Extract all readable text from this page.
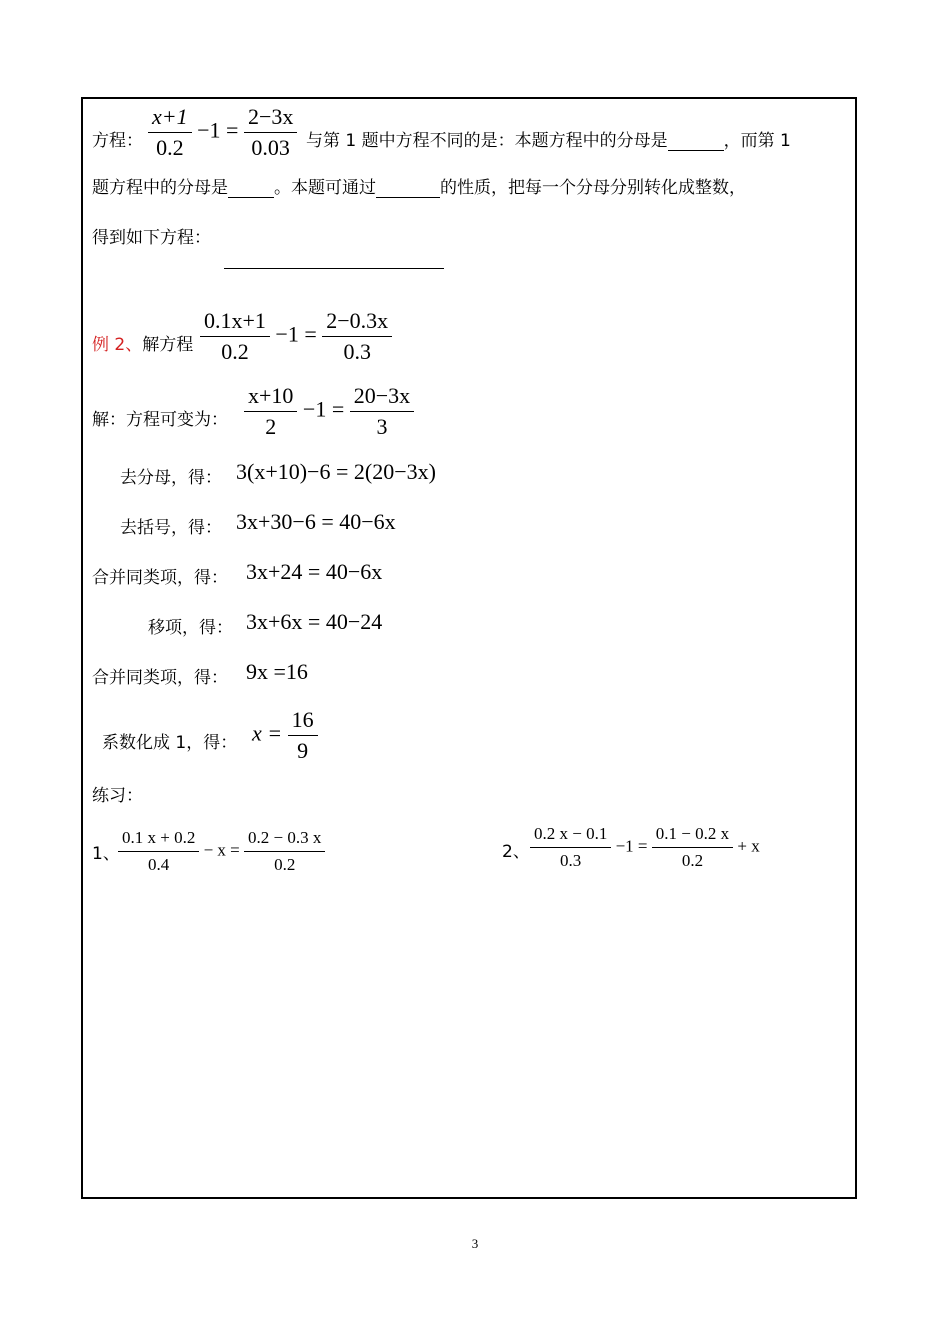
方程： $\frac{x+1}{0.2} -1 = \frac{2-3x}{0.03}$ 与第 1 题中方程不同的是：本题方程中的分母是	，而第 1
题方程中的分母是	。本题可通过	的性质，把每一个分母分别转化成整数，
得到如下方程：
例 2、解方程 $\frac{0.1x+1}{0.2} -1 = \frac{2-0.3x}{0.3}$
解：方程可变为： $\frac{x+10}{2} -1 = \frac{20-3x}{3}$
去分母，得： 3(x+10)−6 = 2(20−3x)
去括号，得： 3x+30−6 = 40−6x
合并同类项，得： 3x+24 = 40−6x
移项，得： 3x+6x = 40−24
合并同类项，得： 9x =16
系数化成 1，得： $x = \frac{16}{9}$
练习：
1、
$\frac{0.1 x + 0.2}{0.4} - x = \frac{0.2 - 0.3 x}{0.2}$	2、 $\frac{0.2 x - 0.1}{0.3} -1 = \frac{0.1 - 0.2 x}{0.2} + x$
3
